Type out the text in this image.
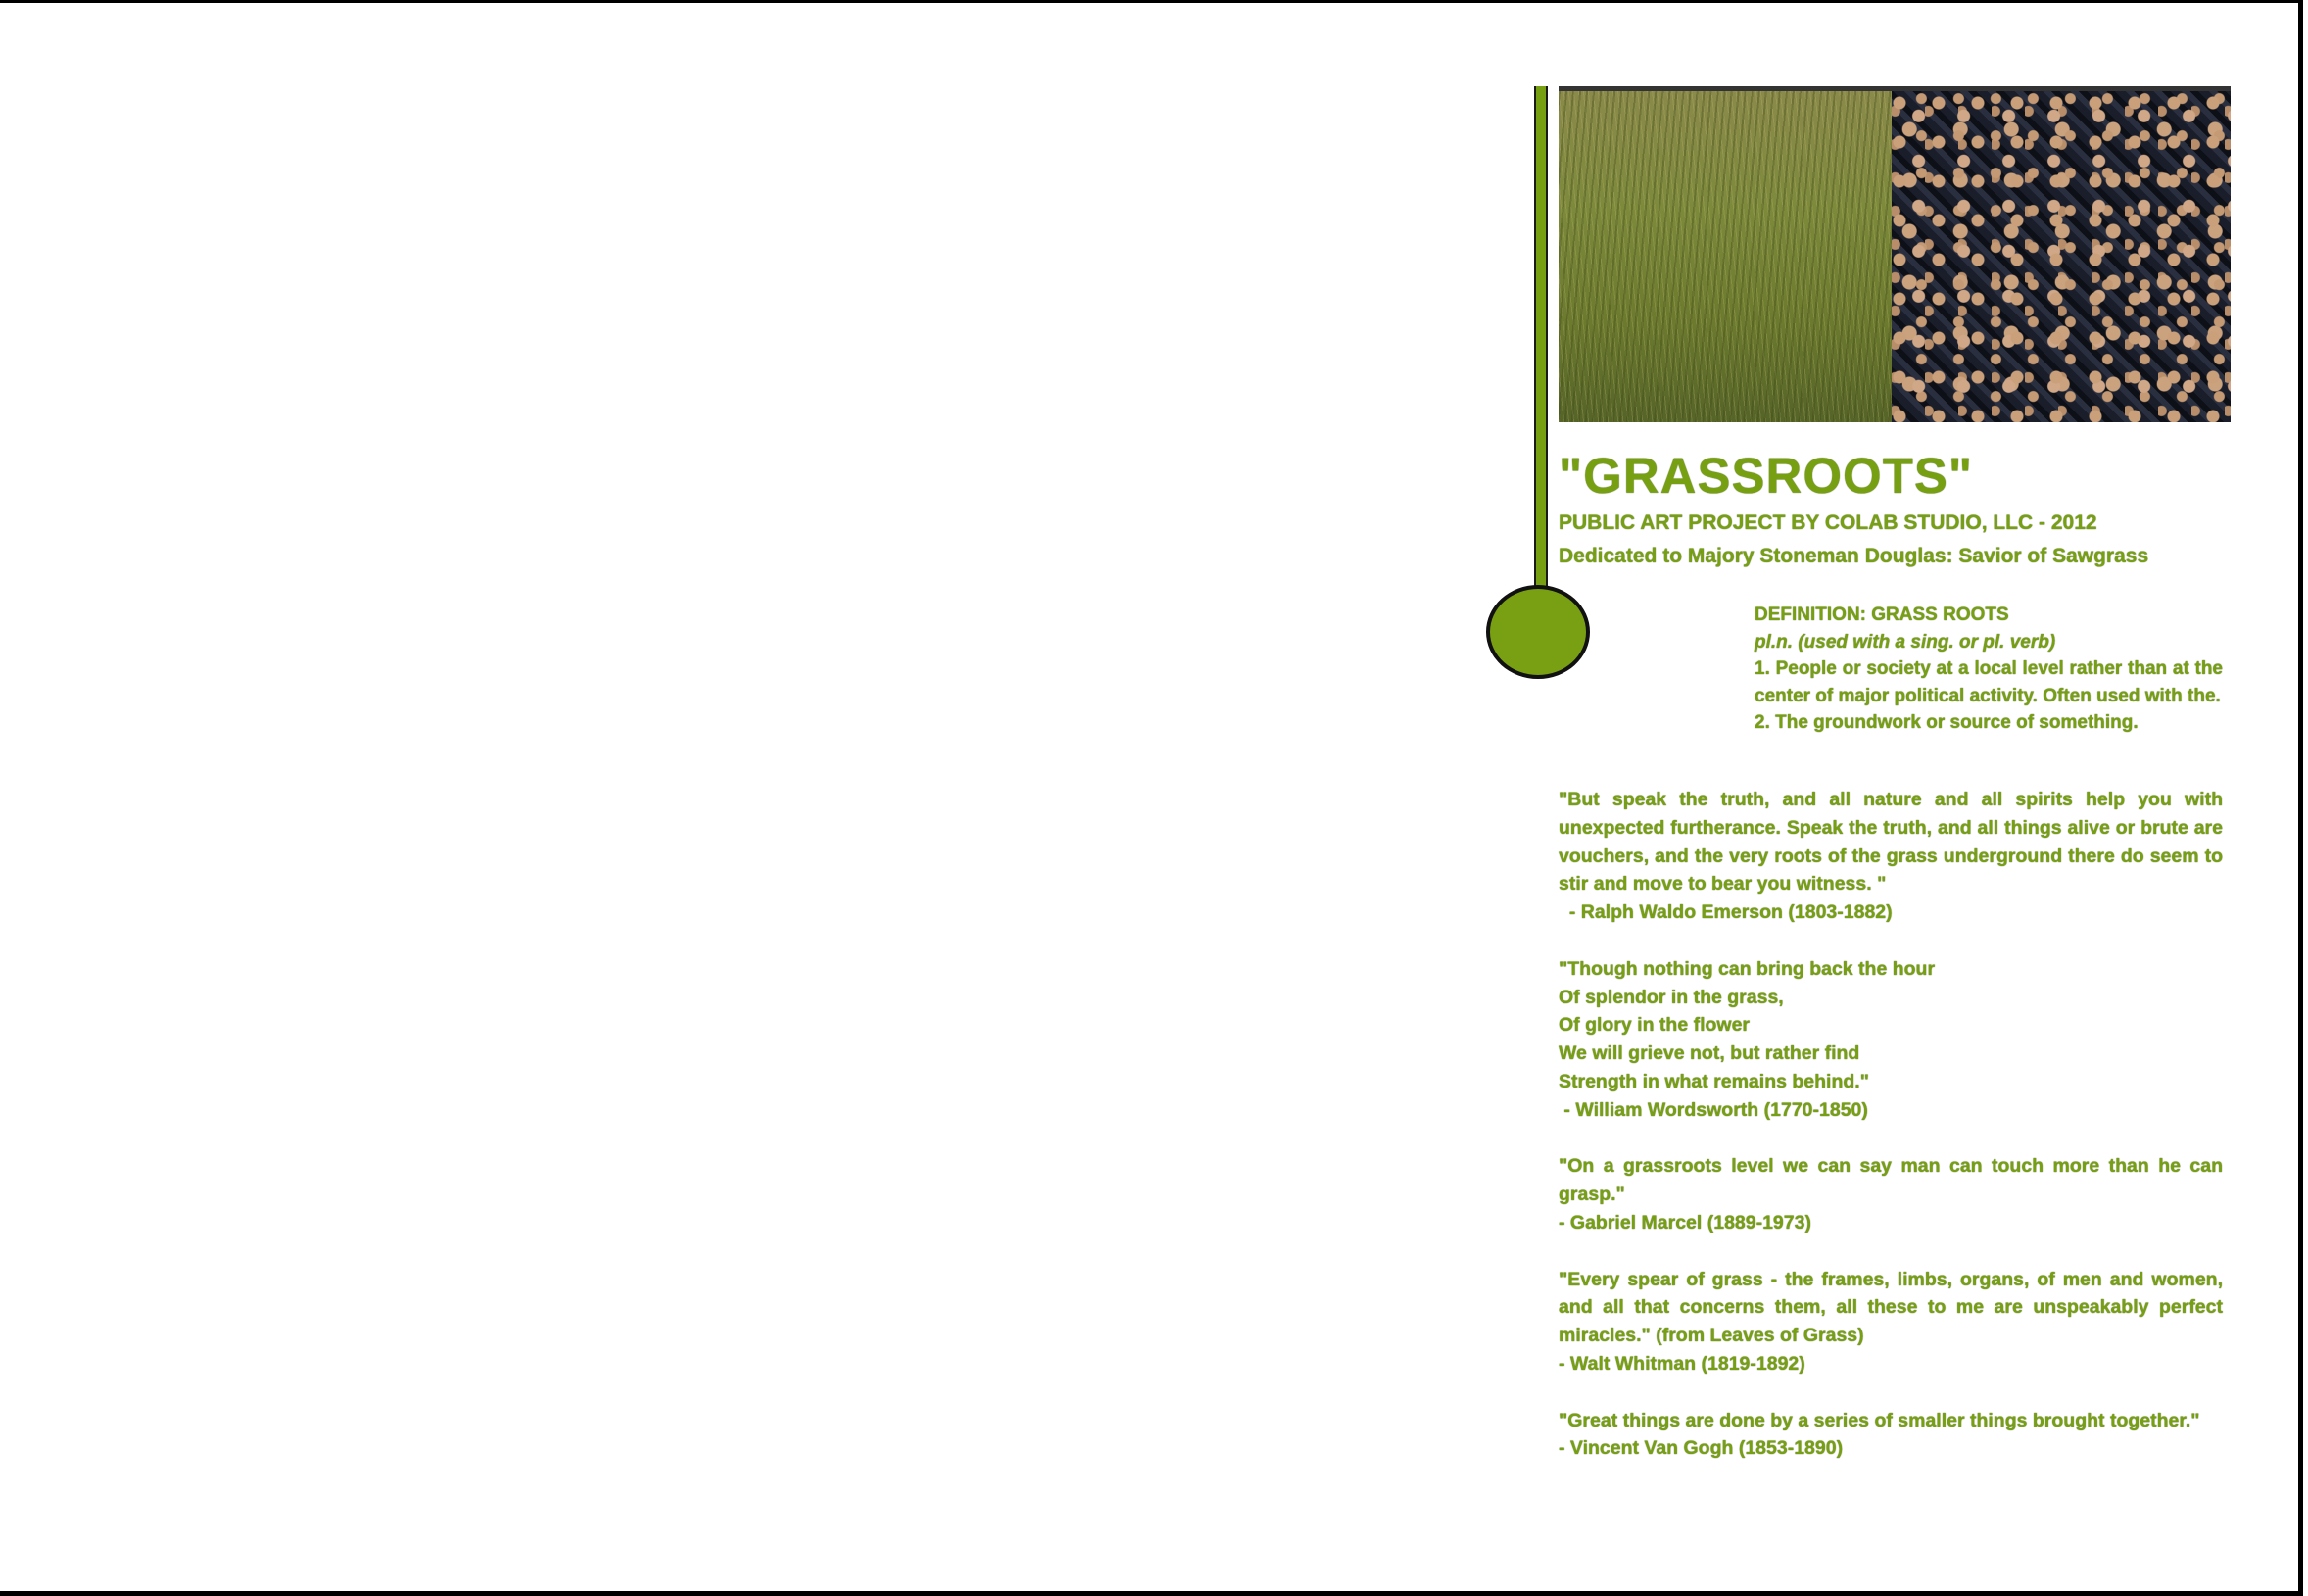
"GRASSROOTS"
PUBLIC ART PROJECT BY COLAB STUDIO, LLC - 2012
Dedicated to Majory Stoneman Douglas: Savior of Sawgrass
DEFINITION: GRASS ROOTS
pl.n. (used with a sing. or pl. verb)
1. People or society at a local level rather than at the center of major political activity. Often used with the.
2. The groundwork or source of something.
"But speak the truth, and all nature and all spirits help you with unexpected furtherance. Speak the truth, and all things alive or brute are vouchers, and the very roots of the grass underground there do seem to stir and move to bear you witness. "
- Ralph Waldo Emerson (1803-1882)
"Though nothing can bring back the hour
Of splendor in the grass,
Of glory in the flower
We will grieve not, but rather find
Strength in what remains behind."
- William Wordsworth (1770-1850)
"On a grassroots level we can say man can touch more than he can grasp."
- Gabriel Marcel (1889-1973)
"Every spear of grass - the frames, limbs, organs, of men and women, and all that concerns them, all these to me are unspeakably perfect miracles." (from Leaves of Grass)
- Walt Whitman (1819-1892)
"Great things are done by a series of smaller things brought together."
- Vincent Van Gogh (1853-1890)
